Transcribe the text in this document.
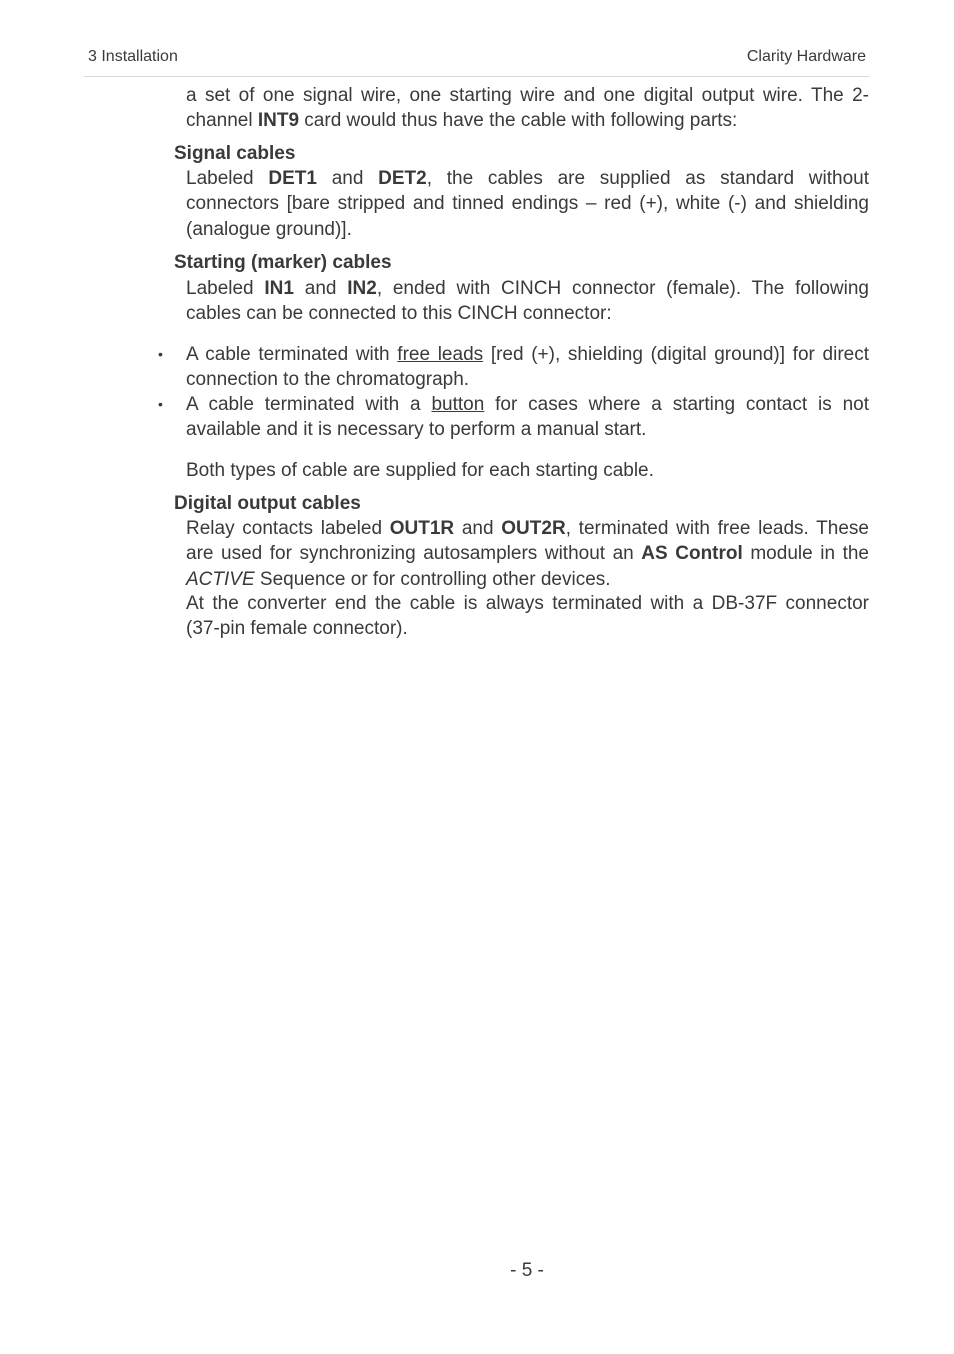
3 Installation	Clarity Hardware
a set of one signal wire, one starting wire and one digital output wire. The 2-channel INT9 card would thus have the cable with following parts:
Signal cables
Labeled DET1 and DET2, the cables are supplied as standard without connectors [bare stripped and tinned endings – red (+), white (-) and shielding (analogue ground)].
Starting (marker) cables
Labeled IN1 and IN2, ended with CINCH connector (female). The following cables can be connected to this CINCH connector:
• A cable terminated with free leads [red (+), shielding (digital ground)] for direct connection to the chromatograph.
• A cable terminated with a button for cases where a starting contact is not available and it is necessary to perform a manual start.
Both types of cable are supplied for each starting cable.
Digital output cables
Relay contacts labeled OUT1R and OUT2R, terminated with free leads. These are used for synchronizing autosamplers without an AS Control module in the ACTIVE Sequence or for controlling other devices.
At the converter end the cable is always terminated with a DB-37F connector (37-pin female connector).
- 5 -
